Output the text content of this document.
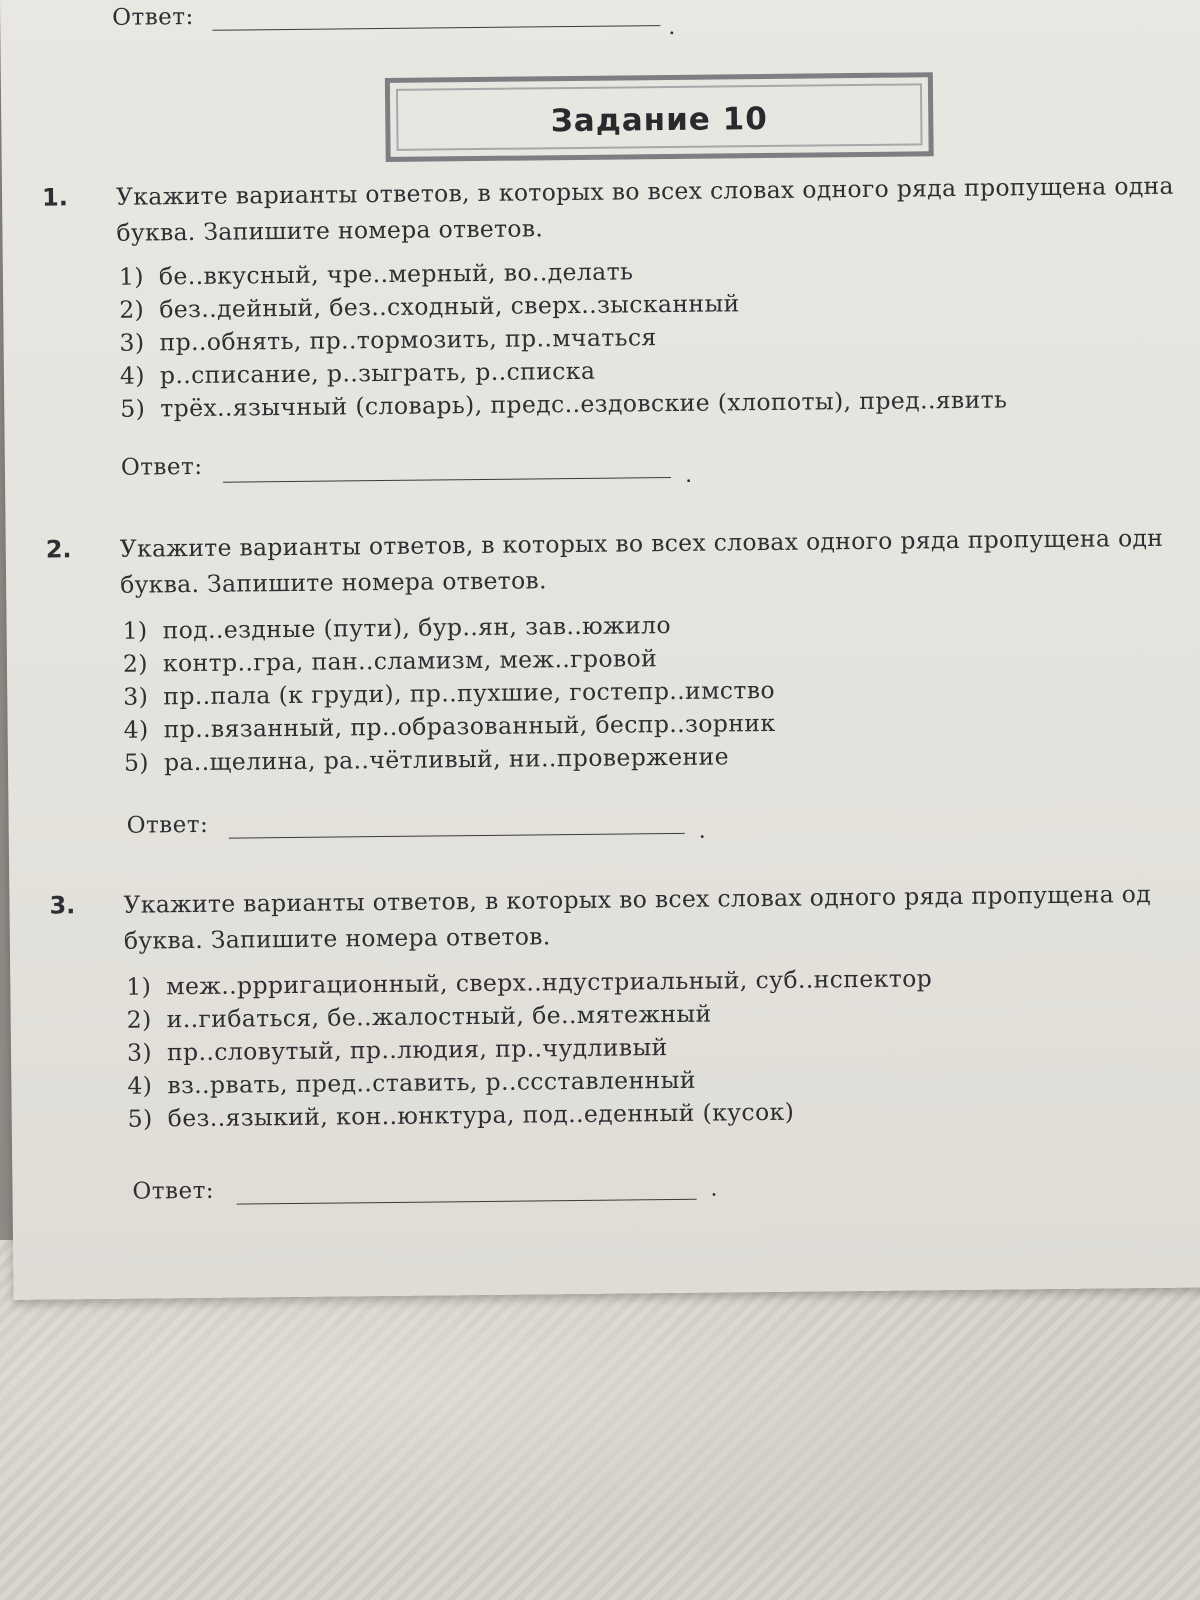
Ответ:	.
Задание 10
1. Укажите варианты ответов, в которых во всех словах одного ряда пропущена одна
буква. Запишите номера ответов.
1) бе..вкусный, чре..мерный, во..делать
2) без..дейный, без..сходный, сверх..зысканный
3) пр..обнять, пр..тормозить, пр..мчаться
4) р..списание, р..зыграть, р..списка
5) трёх..язычный (словарь), предс..ездовские (хлопоты), пред..явить
Ответ:	.
2. Укажите варианты ответов, в которых во всех словах одного ряда пропущена одн
буква. Запишите номера ответов.
1) под..ездные (пути), бур..ян, зав..южило
2) контр..гра, пан..сламизм, меж..гровой
3) пр..пала (к груди), пр..пухшие, гостепр..имство
4) пр..вязанный, пр..образованный, беспр..зорник
5) ра..щелина, ра..чётливый, ни..провержение
Ответ:	.
3. Укажите варианты ответов, в которых во всех словах одного ряда пропущена од
буква. Запишите номера ответов.
1) меж..ррригационный, сверх..ндустриальный, суб..нспектор
2) и..гибаться, бе..жалостный, бе..мятежный
3) пр..словутый, пр..людия, пр..чудливый
4) вз..рвать, пред..ставить, р..ссставленный
5) без..языкий, кон..юнктура, под..еденный (кусок)
Ответ:	.
